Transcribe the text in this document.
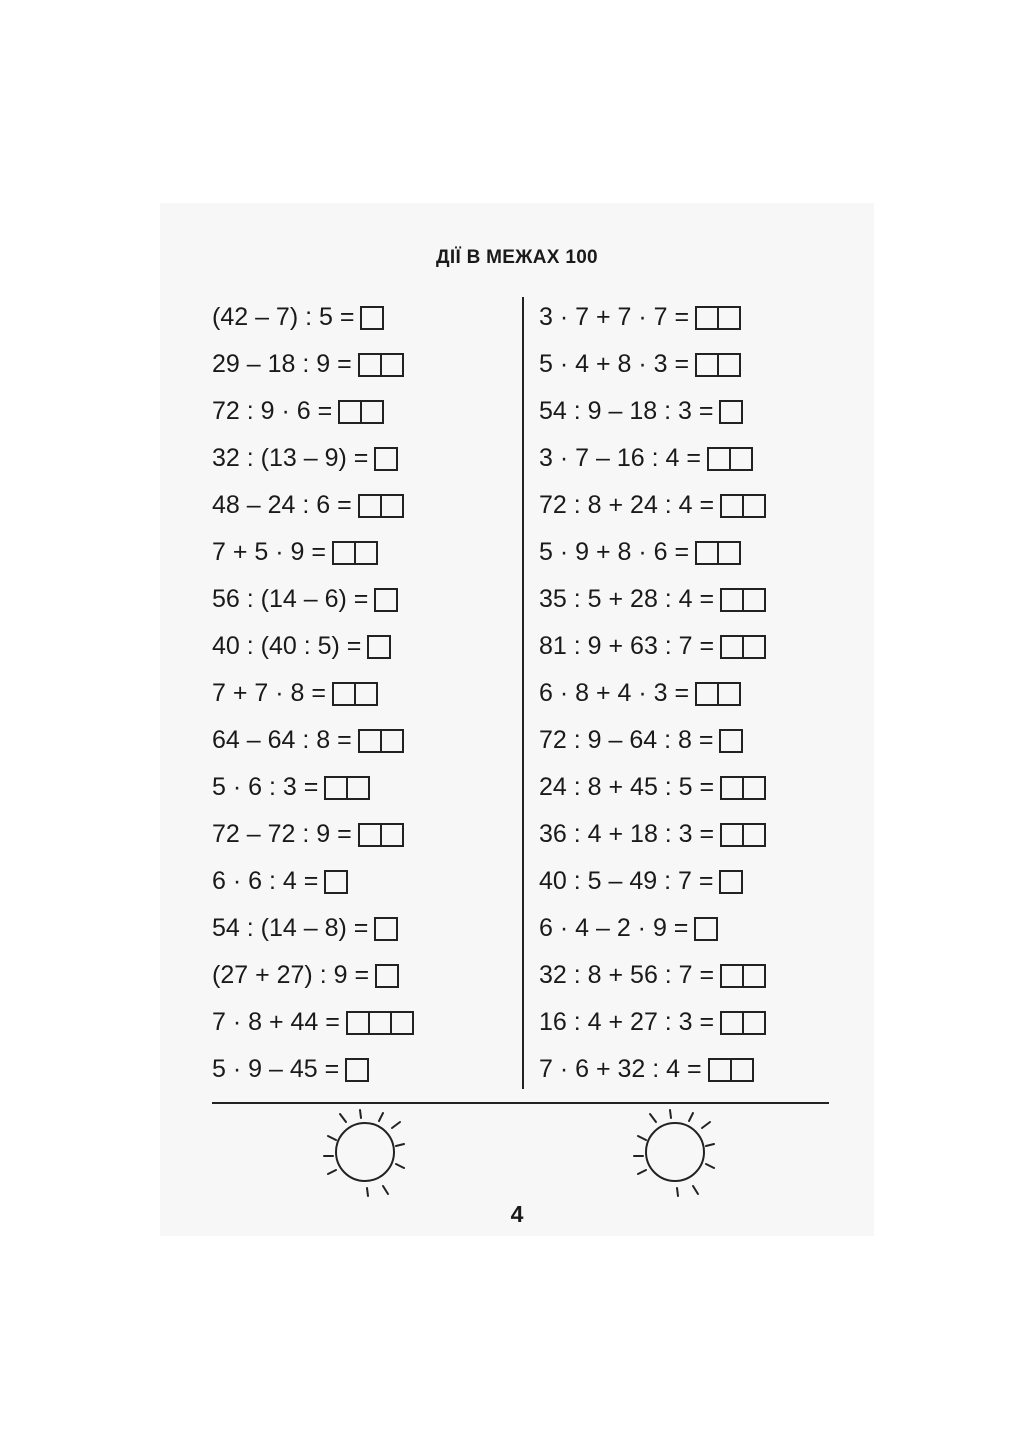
ДІЇ В МЕЖАХ 100
(42 – 7) : 5 =
29 – 18 : 9 =
72 : 9 · 6 =
32 : (13 – 9) =
48 – 24 : 6 =
7 + 5 · 9 =
56 : (14 – 6) =
40 : (40 : 5) =
7 + 7 · 8 =
64 – 64 : 8 =
5 · 6 : 3 =
72 – 72 : 9 =
6 · 6 : 4 =
54 : (14 – 8) =
(27 + 27) : 9 =
7 · 8 + 44 =
5 · 9 – 45 =
3 · 7 + 7 · 7 =
5 · 4 + 8 · 3 =
54 : 9 – 18 : 3 =
3 · 7 – 16 : 4 =
72 : 8 + 24 : 4 =
5 · 9 + 8 · 6 =
35 : 5 + 28 : 4 =
81 : 9 + 63 : 7 =
6 · 8 + 4 · 3 =
72 : 9 – 64 : 8 =
24 : 8 + 45 : 5 =
36 : 4 + 18 : 3 =
40 : 5 – 49 : 7 =
6 · 4 – 2 · 9 =
32 : 8 + 56 : 7 =
16 : 4 + 27 : 3 =
7 · 6 + 32 : 4 =
4
